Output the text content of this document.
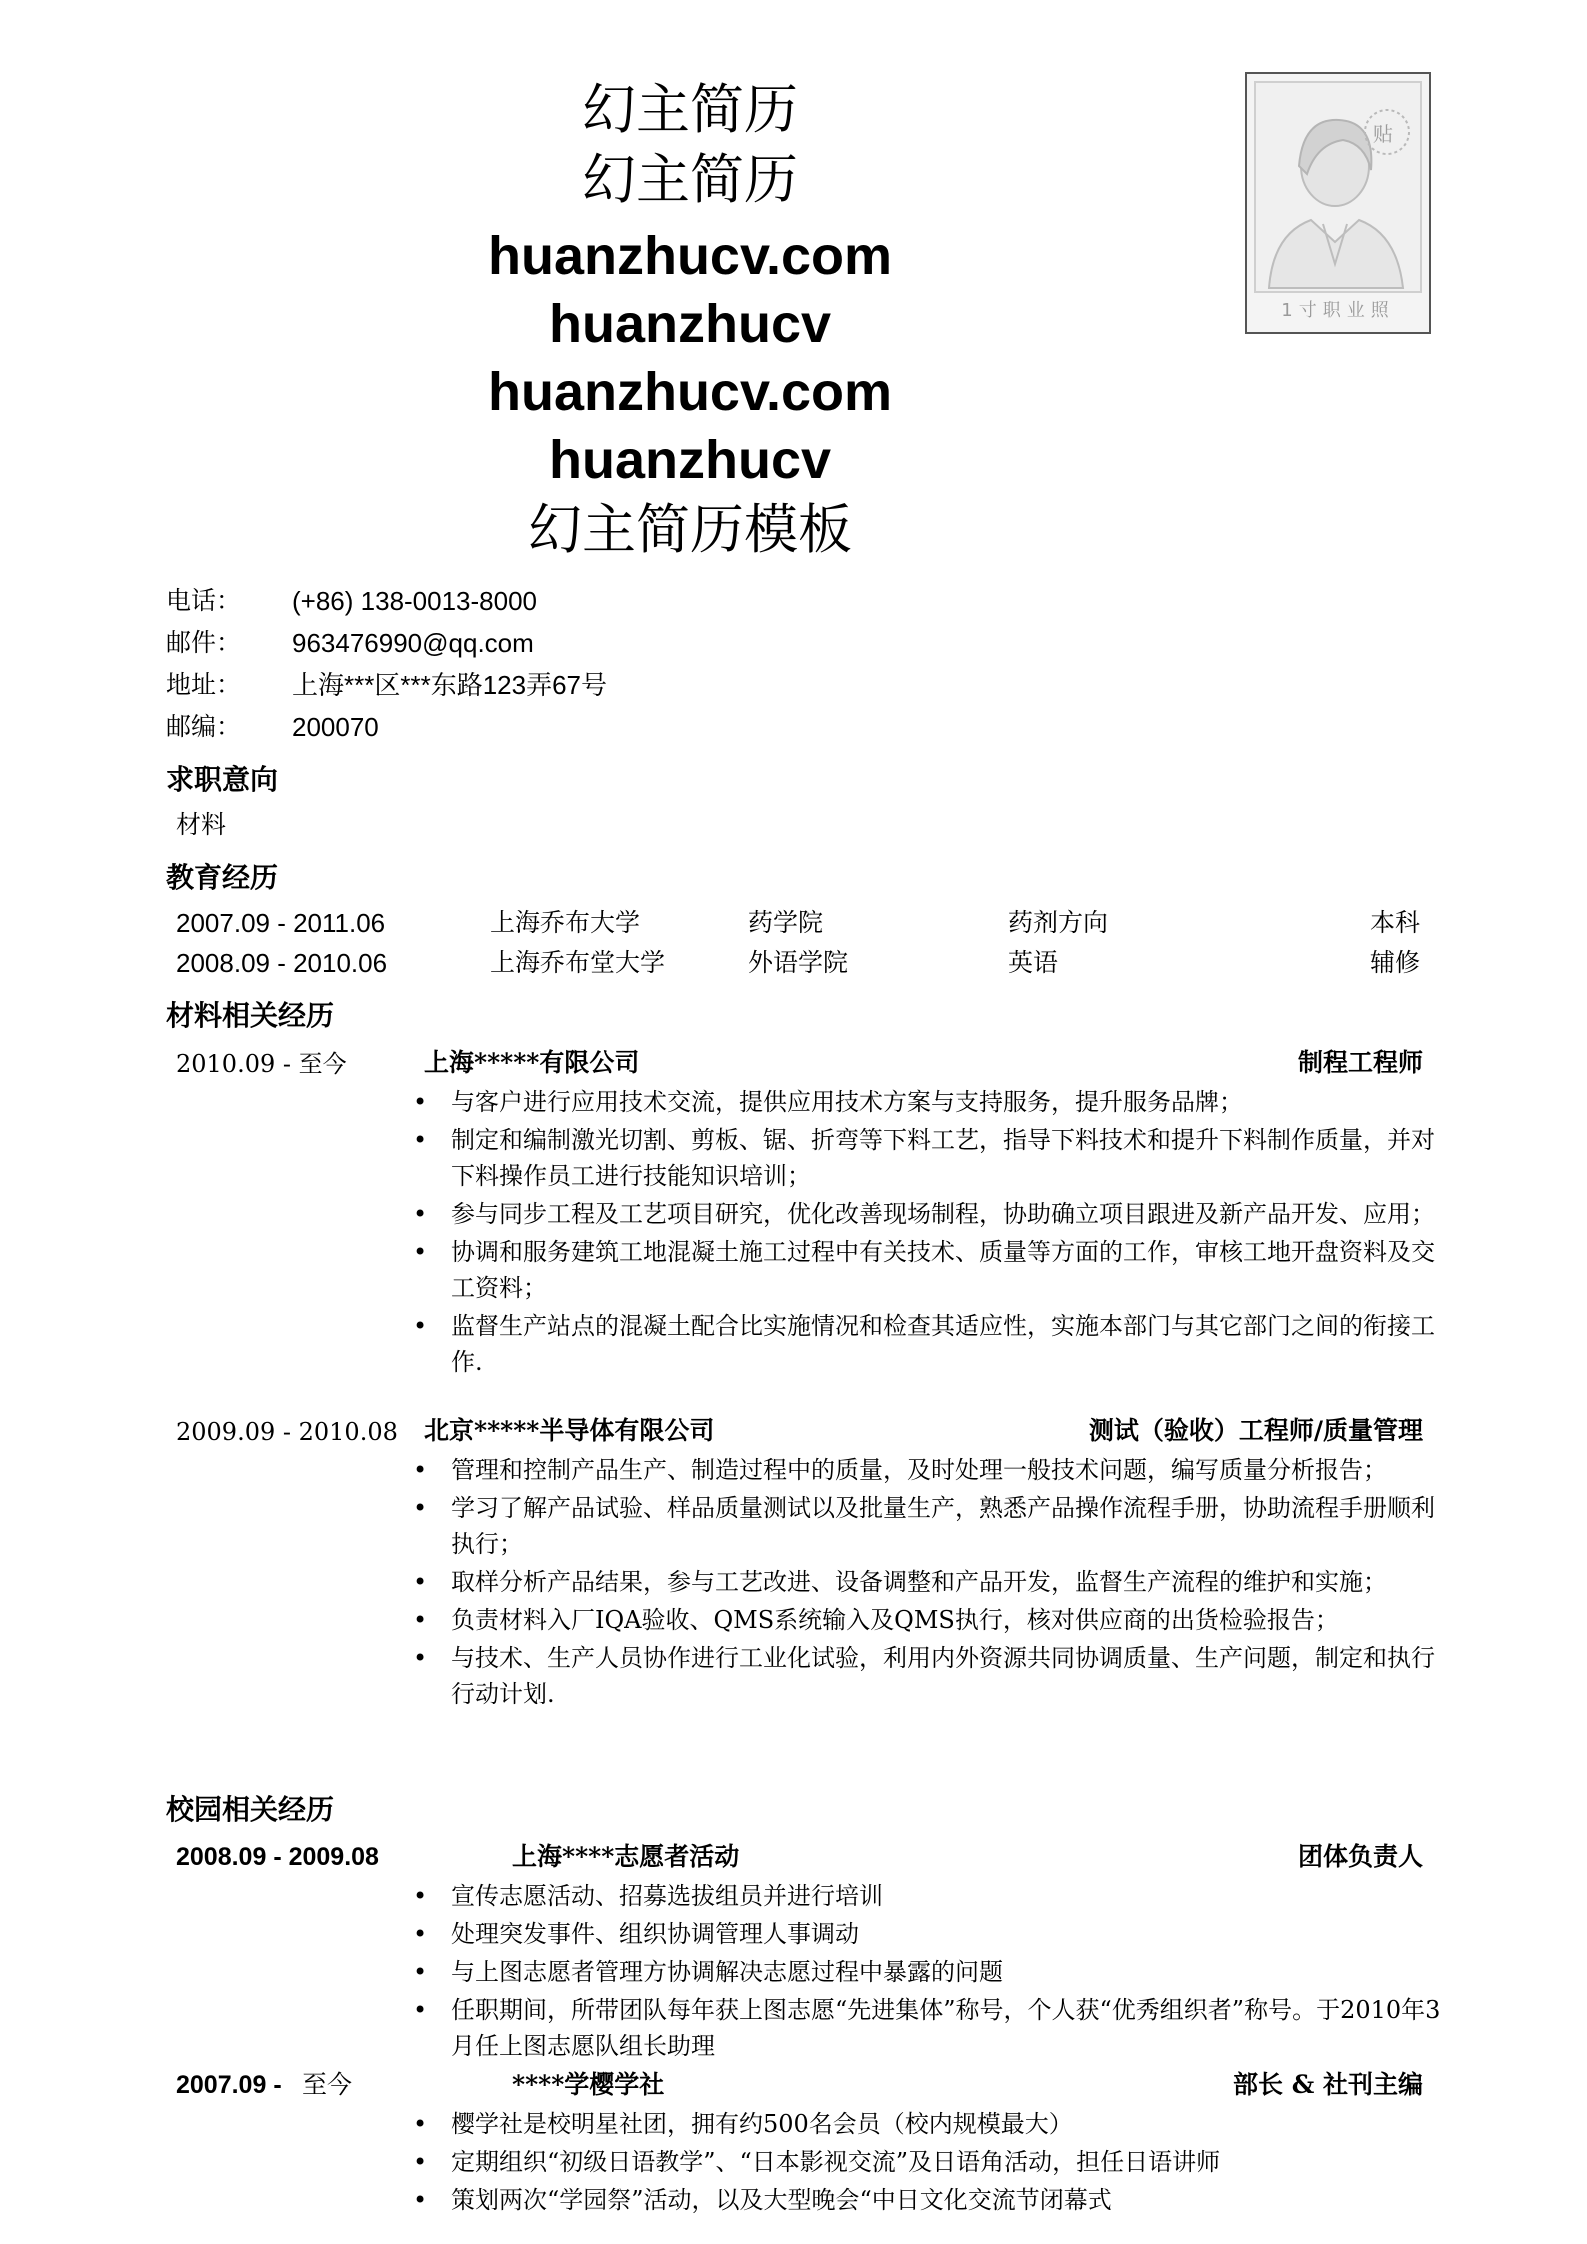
幻主简历
幻主简历
huanzhucv.com
huanzhucv
huanzhucv.com
huanzhucv
幻主简历模板
贴
1寸职业照
电话： (+86) 138-0013-8000
邮件： 963476990@qq.com
地址： 上海***区***东路123弄67号
邮编： 200070
求职意向
材料
教育经历
2007.09 - 2011.06	上海乔布大学	药学院	药剂方向	本科
2008.09 - 2010.06	上海乔布堂大学	外语学院	英语	辅修
材料相关经历
2010.09 - 至今	上海*****有限公司	制程工程师
• 与客户进行应用技术交流，提供应用技术方案与支持服务，提升服务品牌；
• 制定和编制激光切割、剪板、锯、折弯等下料工艺，指导下料技术和提升下料制作质量，并对下料操作员工进行技能知识培训；
• 参与同步工程及工艺项目研究，优化改善现场制程，协助确立项目跟进及新产品开发、应用；
• 协调和服务建筑工地混凝土施工过程中有关技术、质量等方面的工作，审核工地开盘资料及交工资料；
• 监督生产站点的混凝土配合比实施情况和检查其适应性，实施本部门与其它部门之间的衔接工作.
2009.09 - 2010.08 北京*****半导体有限公司	测试（验收）工程师/质量管理
• 管理和控制产品生产、制造过程中的质量，及时处理一般技术问题，编写质量分析报告；
• 学习了解产品试验、样品质量测试以及批量生产，熟悉产品操作流程手册，协助流程手册顺利执行；
• 取样分析产品结果，参与工艺改进、设备调整和产品开发，监督生产流程的维护和实施；
• 负责材料入厂IQA验收、QMS系统输入及QMS执行，核对供应商的出货检验报告；
• 与技术、生产人员协作进行工业化试验，利用内外资源共同协调质量、生产问题，制定和执行行动计划.
校园相关经历
2008.09 - 2009.08	上海****志愿者活动	团体负责人
• 宣传志愿活动、招募选拔组员并进行培训
• 处理突发事件、组织协调管理人事调动
• 与上图志愿者管理方协调解决志愿过程中暴露的问题
• 任职期间，所带团队每年获上图志愿“先进集体”称号，个人获“优秀组织者”称号。于2010年3月任上图志愿队组长助理
2007.09 - 至今	****学樱学社	部长 & 社刊主编
• 樱学社是校明星社团，拥有约500名会员（校内规模最大）
• 定期组织“初级日语教学”、“日本影视交流”及日语角活动，担任日语讲师
• 策划两次“学园祭”活动，以及大型晚会“中日文化交流节闭幕式
